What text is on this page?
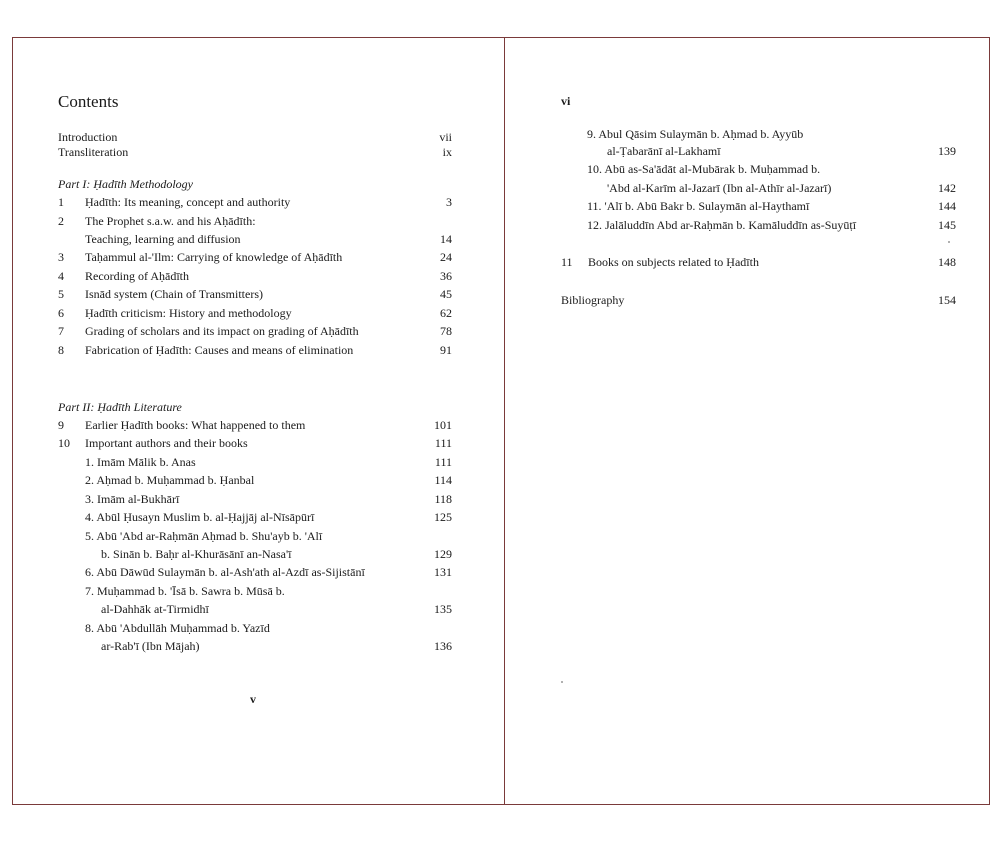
Contents
Introduction	vii
Transliteration	ix
Part I: Ḥadīth Methodology
1 Ḥadīth: Its meaning, concept and authority	3
2 The Prophet s.a.w. and his Aḥādīth:
Teaching, learning and diffusion	14
3 Taḥammul al-'Ilm: Carrying of knowledge of Aḥādīth	24
4 Recording of Aḥādīth	36
5 Isnād system (Chain of Transmitters)	45
6 Ḥadīth criticism: History and methodology	62
7 Grading of scholars and its impact on grading of Aḥādīth	78
8 Fabrication of Ḥadīth: Causes and means of elimination	91
Part II: Ḥadīth Literature
9 Earlier Ḥadīth books: What happened to them	101
10 Important authors and their books	111
1. Imām Mālik b. Anas	111
2. Aḥmad b. Muḥammad b. Ḥanbal	114
3. Imām al-Bukhārī	118
4. Abūl Ḥusayn Muslim b. al-Ḥajjāj al-Nīsāpūrī	125
5. Abū 'Abd ar-Raḥmān Aḥmad b. Shu'ayb b. 'Alī
b. Sinān b. Baḥr al-Khurāsānī an-Nasa'ī	129
6. Abū Dāwūd Sulaymān b. al-Ash'ath al-Azdī as-Sijistānī	131
7. Muḥammad b. 'Īsā b. Sawra b. Mūsā b.
al-Dahhāk at-Tirmidhī	135
8. Abū 'Abdullāh Muḥammad b. Yazīd
ar-Rab'ī (Ibn Mājah)	136
v
vi
9. Abul Qāsim Sulaymān b. Aḥmad b. Ayyūb
al-Ṭabarānī al-Lakhamī	139
10. Abū as-Sa'ādāt al-Mubārak b. Muḥammad b.
'Abd al-Karīm al-Jazarī (Ibn al-Athīr al-Jazarī)	142
11. 'Alī b. Abū Bakr b. Sulaymān al-Haythamī	144
12. Jalāluddīn Abd ar-Raḥmān b. Kamāluddīn as-Suyūṭī	145
11 Books on subjects related to Ḥadīth	148
Bibliography	154
